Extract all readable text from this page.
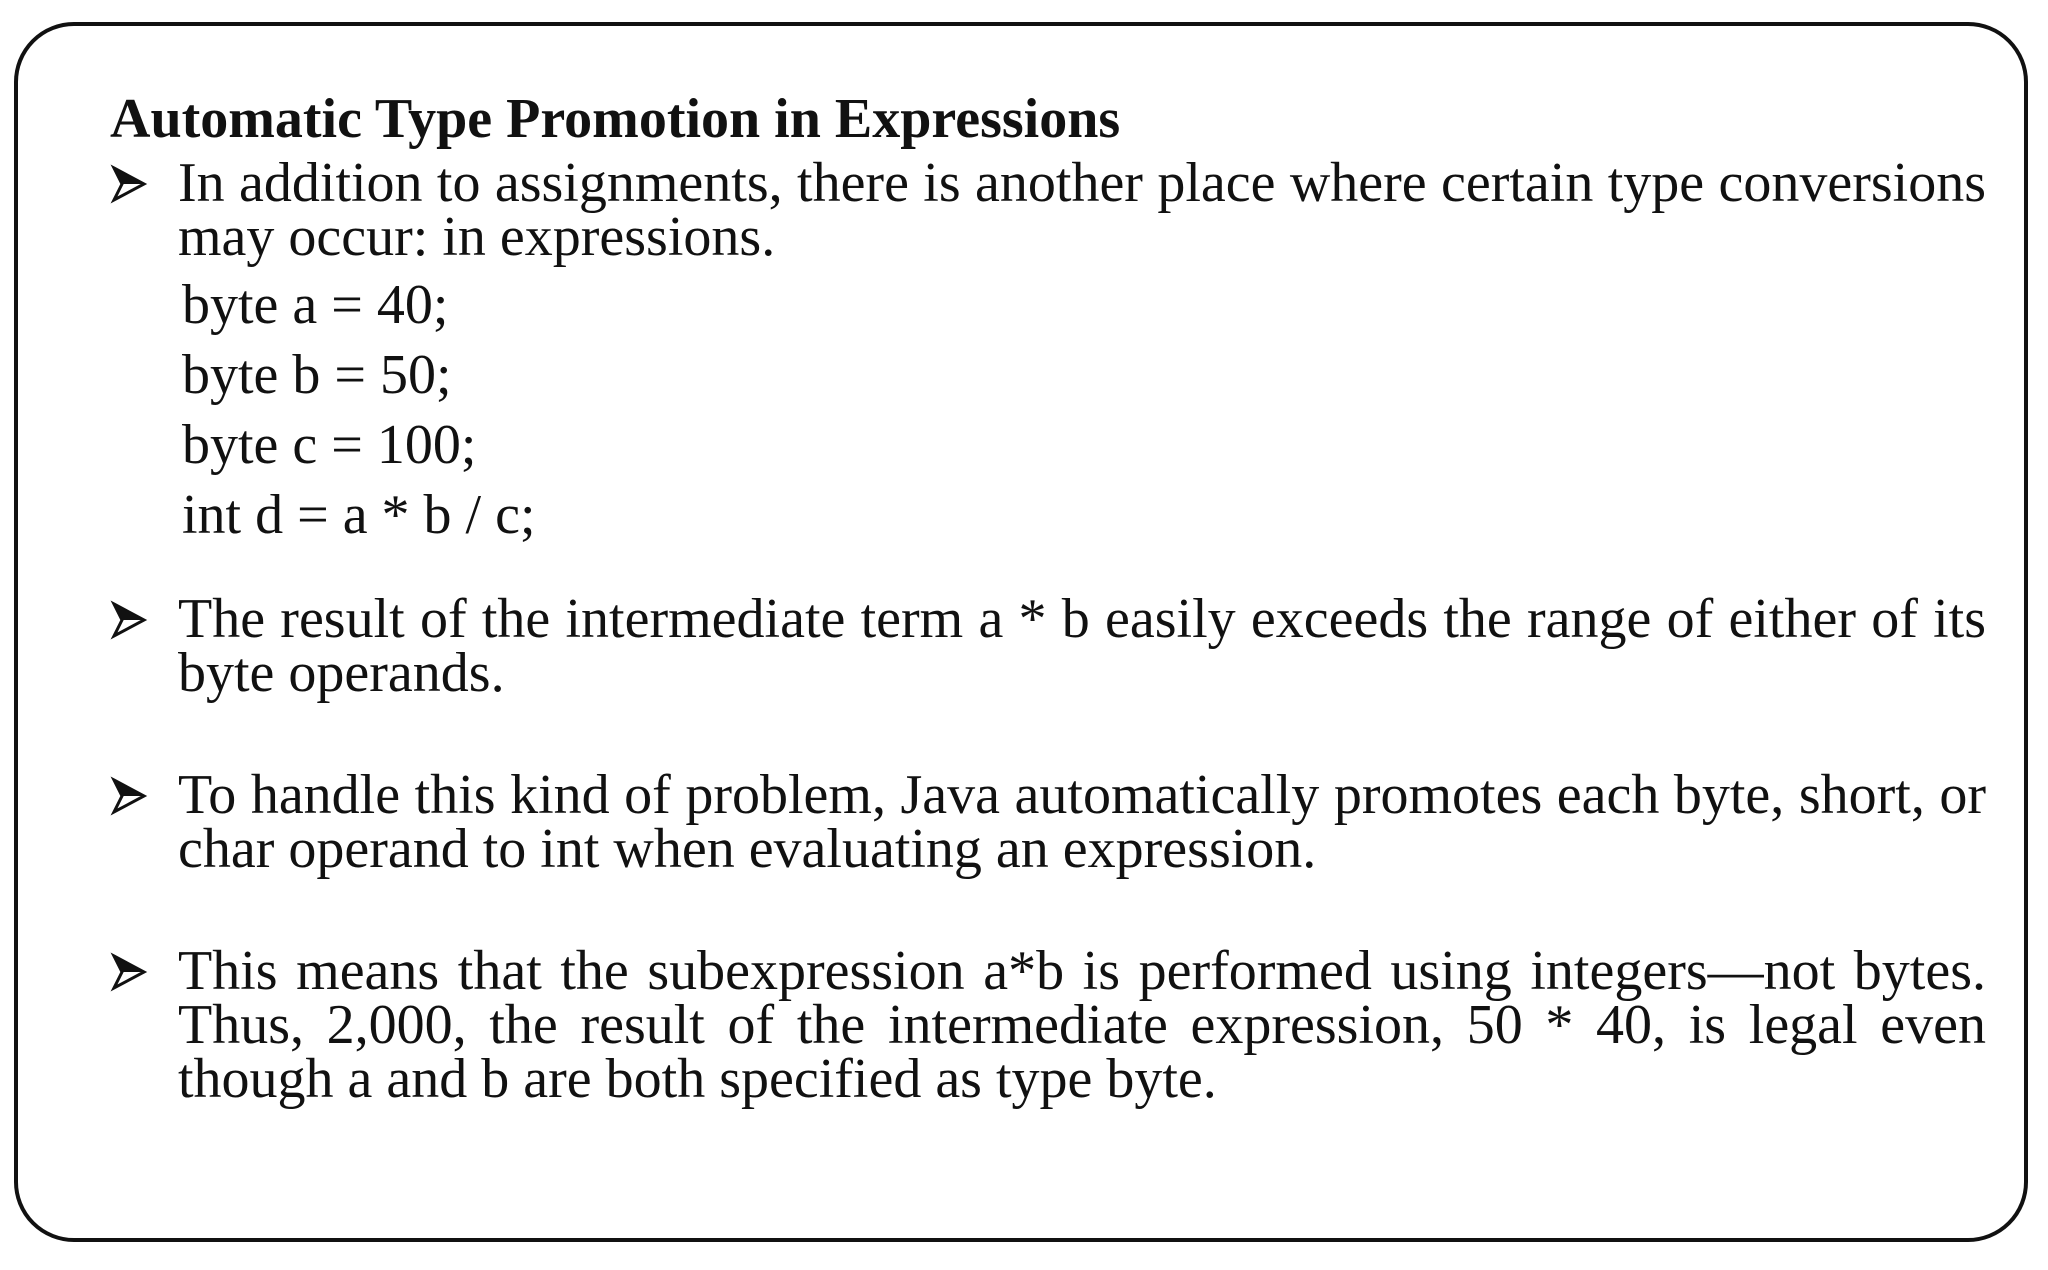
Automatic Type Promotion in Expressions
In addition to assignments, there is another place where certain type conversions may occur: in expressions.
byte a = 40;
byte b = 50;
byte c = 100;
int d = a * b / c;
The result of the intermediate term a * b easily exceeds the range of either of its byte operands.
To handle this kind of problem, Java automatically promotes each byte, short, or char operand to int when evaluating an expression.
This means that the subexpression a*b is performed using integers—not bytes. Thus, 2,000, the result of the intermediate expression, 50 * 40, is legal even though a and b are both specified as type byte.
